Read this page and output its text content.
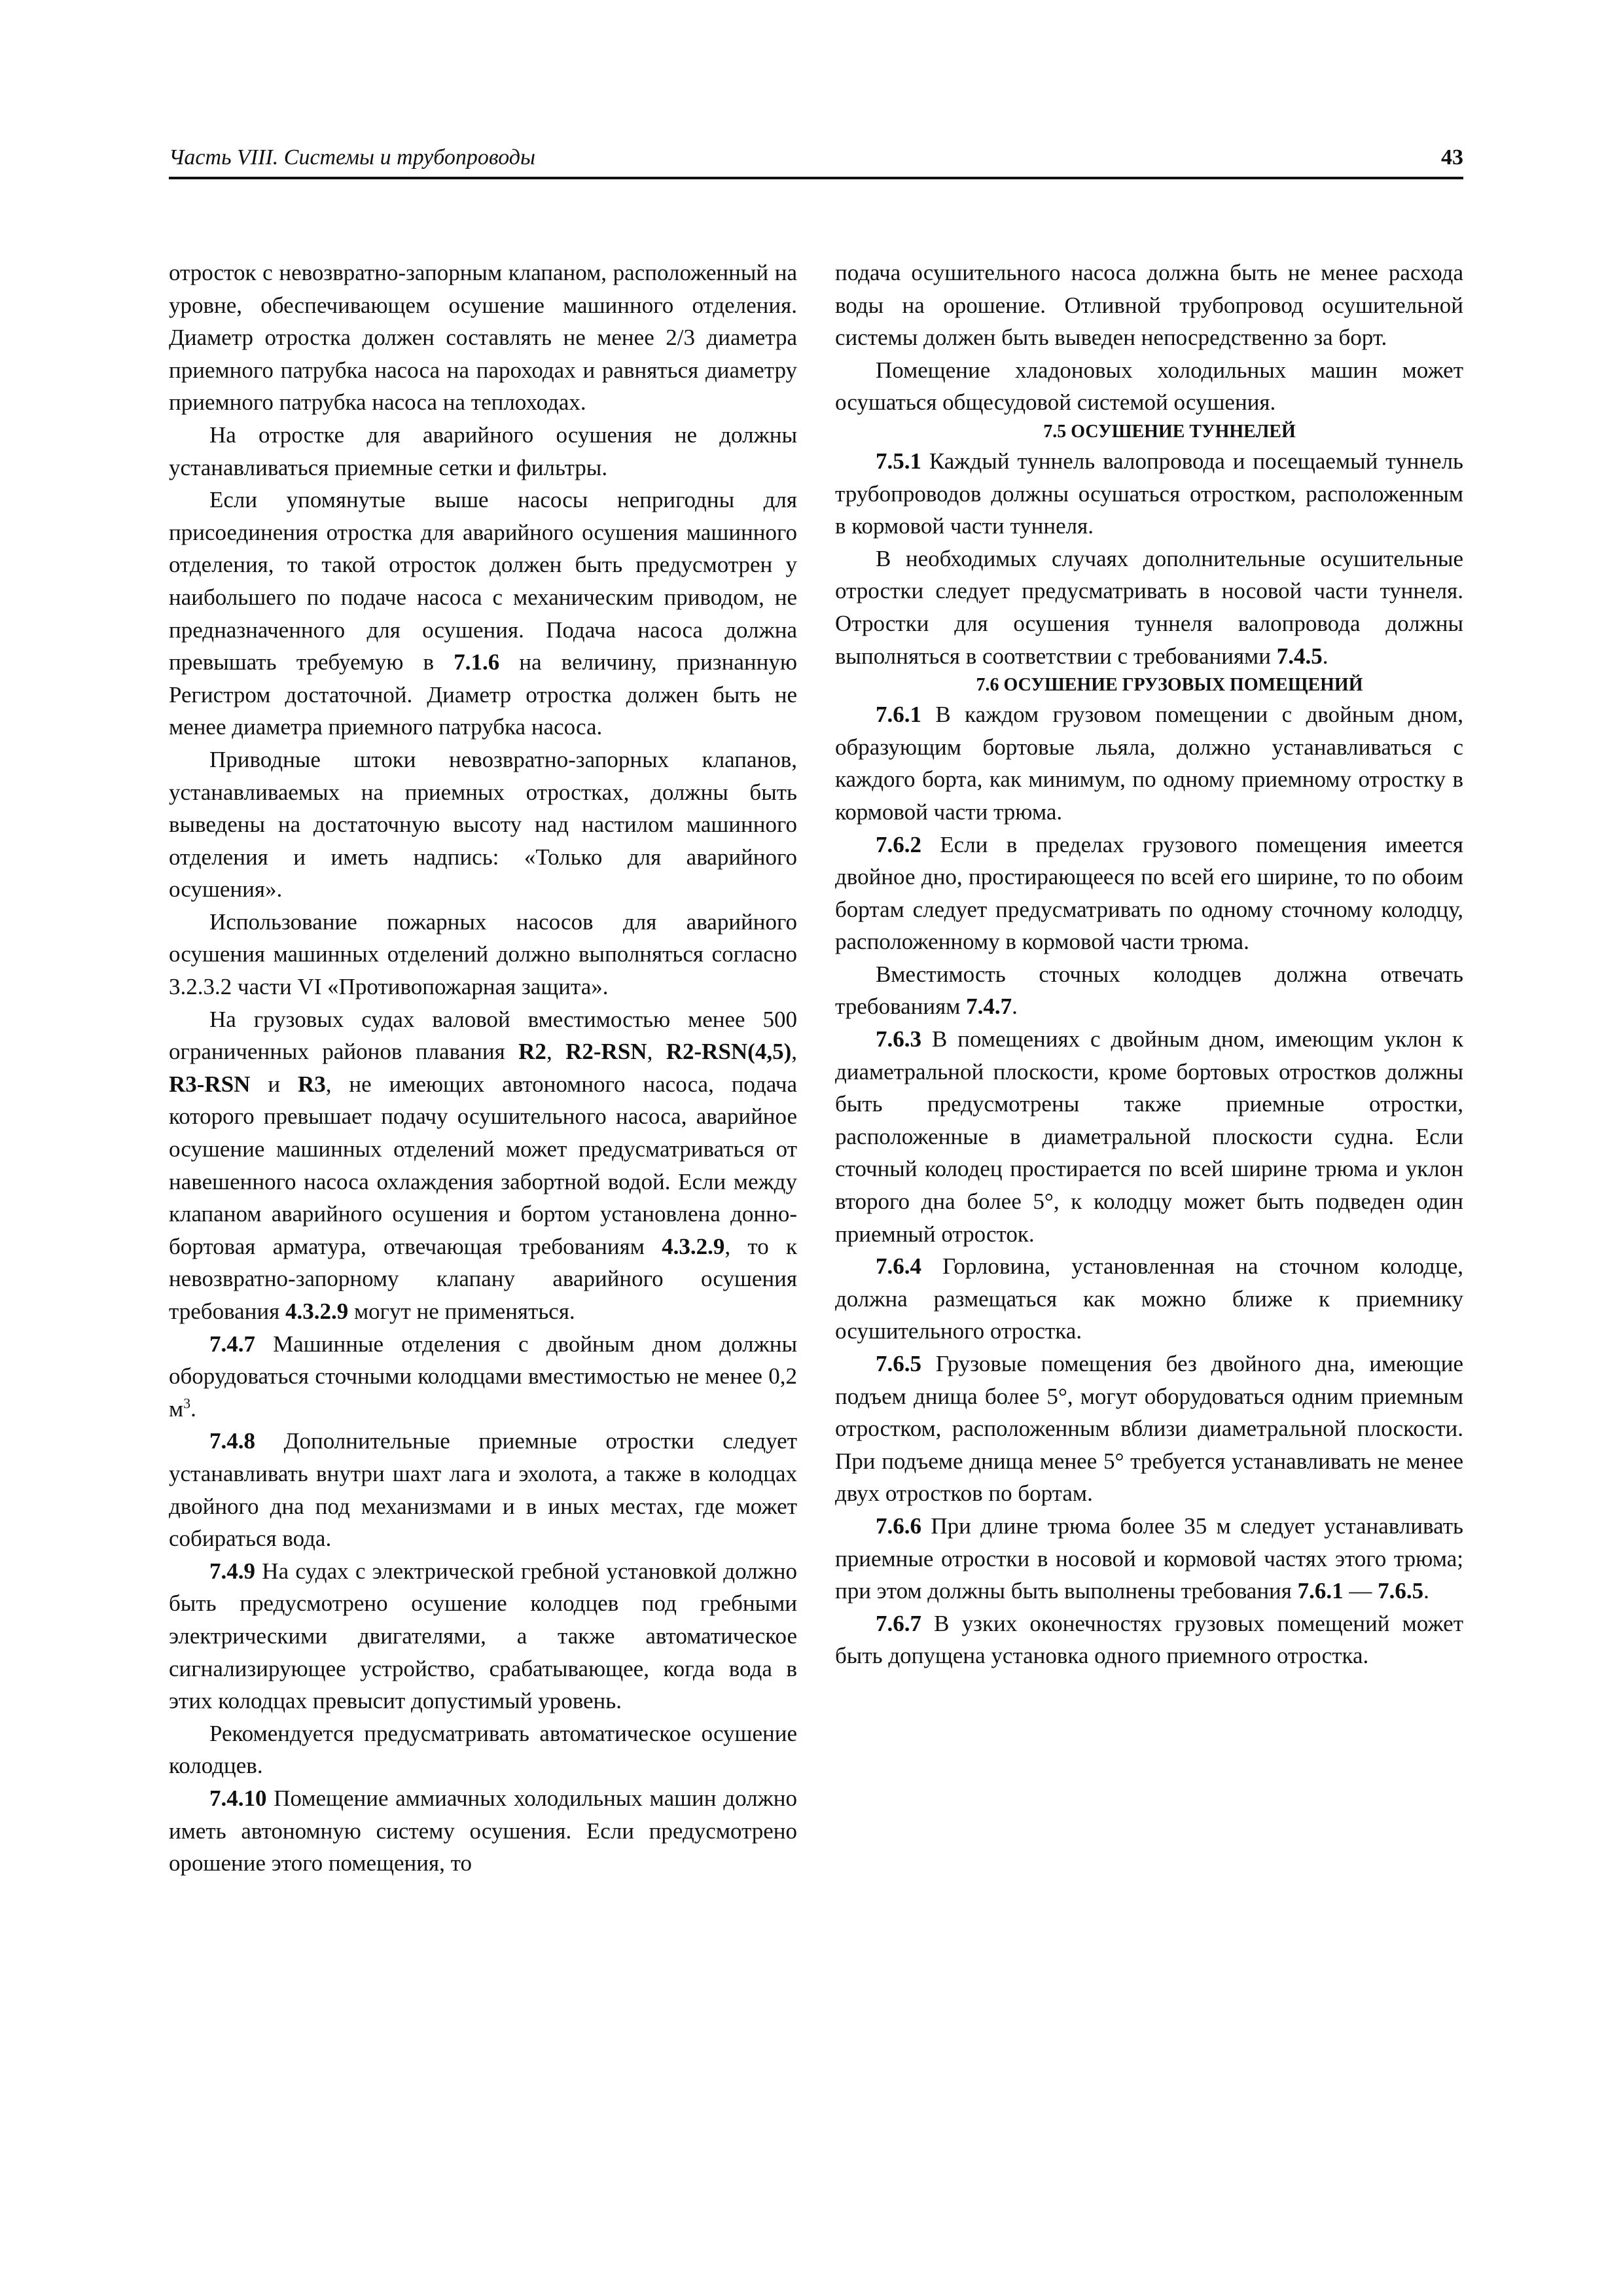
Часть VIII. Системы и трубопроводы	43

отросток с невозвратно-запорным клапаном, расположенный на уровне, обеспечивающем осушение машинного отделения. Диаметр отростка должен составлять не менее 2/3 диаметра приемного патрубка насоса на пароходах и равняться диаметру приемного патрубка насоса на теплоходах.

На отростке для аварийного осушения не должны устанавливаться приемные сетки и фильтры.

Если упомянутые выше насосы непригодны для присоединения отростка для аварийного осушения машинного отделения, то такой отросток должен быть предусмотрен у наибольшего по подаче насоса с механическим приводом, не предназначенного для осушения. Подача насоса должна превышать требуемую в 7.1.6 на величину, признанную Регистром достаточной. Диаметр отростка должен быть не менее диаметра приемного патрубка насоса.

Приводные штоки невозвратно-запорных клапанов, устанавливаемых на приемных отростках, должны быть выведены на достаточную высоту над настилом машинного отделения и иметь надпись: «Только для аварийного осушения».

Использование пожарных насосов для аварийного осушения машинных отделений должно выполняться согласно 3.2.3.2 части VI «Противопожарная защита».

На грузовых судах валовой вместимостью менее 500 ограниченных районов плавания R2, R2-RSN, R2-RSN(4,5), R3-RSN и R3, не имеющих автономного насоса, подача которого превышает подачу осушительного насоса, аварийное осушение машинных отделений может предусматриваться от навешенного насоса охлаждения забортной водой. Если между клапаном аварийного осушения и бортом установлена донно-бортовая арматура, отвечающая требованиям 4.3.2.9, то к невозвратно-запорному клапану аварийного осушения требования 4.3.2.9 могут не применяться.

7.4.7 Машинные отделения с двойным дном должны оборудоваться сточными колодцами вместимостью не менее 0,2 $м^3$.

7.4.8 Дополнительные приемные отростки следует устанавливать внутри шахт лага и эхолота, а также в колодцах двойного дна под механизмами и в иных местах, где может собираться вода.

7.4.9 На судах с электрической гребной установкой должно быть предусмотрено осушение колодцев под гребными электрическими двигателями, а также автоматическое сигнализирующее устройство, срабатывающее, когда вода в этих колодцах превысит допустимый уровень.

Рекомендуется предусматривать автоматическое осушение колодцев.

7.4.10 Помещение аммиачных холодильных машин должно иметь автономную систему осушения. Если предусмотрено орошение этого помещения, то

подача осушительного насоса должна быть не менее расхода воды на орошение. Отливной трубопровод осушительной системы должен быть выведен непосредственно за борт.

Помещение хладоновых холодильных машин может осушаться общесудовой системой осушения.

7.5 ОСУШЕНИЕ ТУННЕЛЕЙ

7.5.1 Каждый туннель валопровода и посещаемый туннель трубопроводов должны осушаться отростком, расположенным в кормовой части туннеля.

В необходимых случаях дополнительные осушительные отростки следует предусматривать в носовой части туннеля. Отростки для осушения туннеля валопровода должны выполняться в соответствии с требованиями 7.4.5.

7.6 ОСУШЕНИЕ ГРУЗОВЫХ ПОМЕЩЕНИЙ

7.6.1 В каждом грузовом помещении с двойным дном, образующим бортовые льяла, должно устанавливаться с каждого борта, как минимум, по одному приемному отростку в кормовой части трюма.

7.6.2 Если в пределах грузового помещения имеется двойное дно, простирающееся по всей его ширине, то по обоим бортам следует предусматривать по одному сточному колодцу, расположенному в кормовой части трюма.

Вместимость сточных колодцев должна отвечать требованиям 7.4.7.

7.6.3 В помещениях с двойным дном, имеющим уклон к диаметральной плоскости, кроме бортовых отростков должны быть предусмотрены также приемные отростки, расположенные в диаметральной плоскости судна. Если сточный колодец простирается по всей ширине трюма и уклон второго дна более 5°, к колодцу может быть подведен один приемный отросток.

7.6.4 Горловина, установленная на сточном колодце, должна размещаться как можно ближе к приемнику осушительного отростка.

7.6.5 Грузовые помещения без двойного дна, имеющие подъем днища более 5°, могут оборудоваться одним приемным отростком, расположенным вблизи диаметральной плоскости. При подъеме днища менее 5° требуется устанавливать не менее двух отростков по бортам.

7.6.6 При длине трюма более 35 м следует устанавливать приемные отростки в носовой и кормовой частях этого трюма; при этом должны быть выполнены требования 7.6.1 — 7.6.5.

7.6.7 В узких оконечностях грузовых помещений может быть допущена установка одного приемного отростка.
